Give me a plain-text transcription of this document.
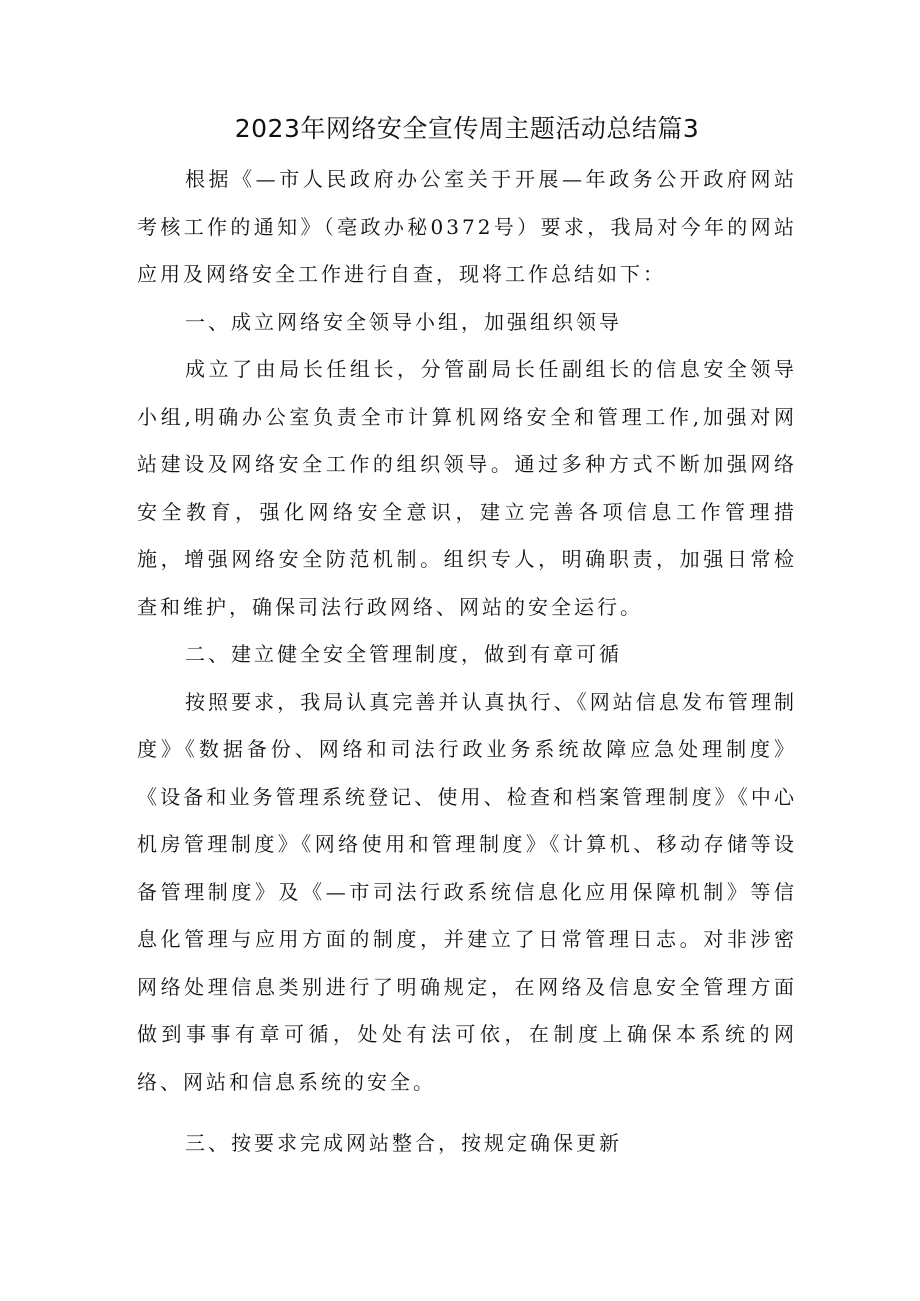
2023年网络安全宣传周主题活动总结篇3

根据《—市人民政府办公室关于开展—年政务公开政府网站考核工作的通知》（亳政办秘0372号）要求，我局对今年的网站应用及网络安全工作进行自查，现将工作总结如下：

一、成立网络安全领导小组，加强组织领导

成立了由局长任组长，分管副局长任副组长的信息安全领导小组,明确办公室负责全市计算机网络安全和管理工作,加强对网站建设及网络安全工作的组织领导。通过多种方式不断加强网络安全教育，强化网络安全意识，建立完善各项信息工作管理措施，增强网络安全防范机制。组织专人，明确职责，加强日常检查和维护，确保司法行政网络、网站的安全运行。

二、建立健全安全管理制度，做到有章可循

按照要求，我局认真完善并认真执行、《网站信息发布管理制度》《数据备份、网络和司法行政业务系统故障应急处理制度》《设备和业务管理系统登记、使用、检查和档案管理制度》《中心机房管理制度》《网络使用和管理制度》《计算机、移动存储等设备管理制度》及《—市司法行政系统信息化应用保障机制》等信息化管理与应用方面的制度，并建立了日常管理日志。对非涉密网络处理信息类别进行了明确规定，在网络及信息安全管理方面做到事事有章可循，处处有法可依，在制度上确保本系统的网络、网站和信息系统的安全。

三、按要求完成网站整合，按规定确保更新
